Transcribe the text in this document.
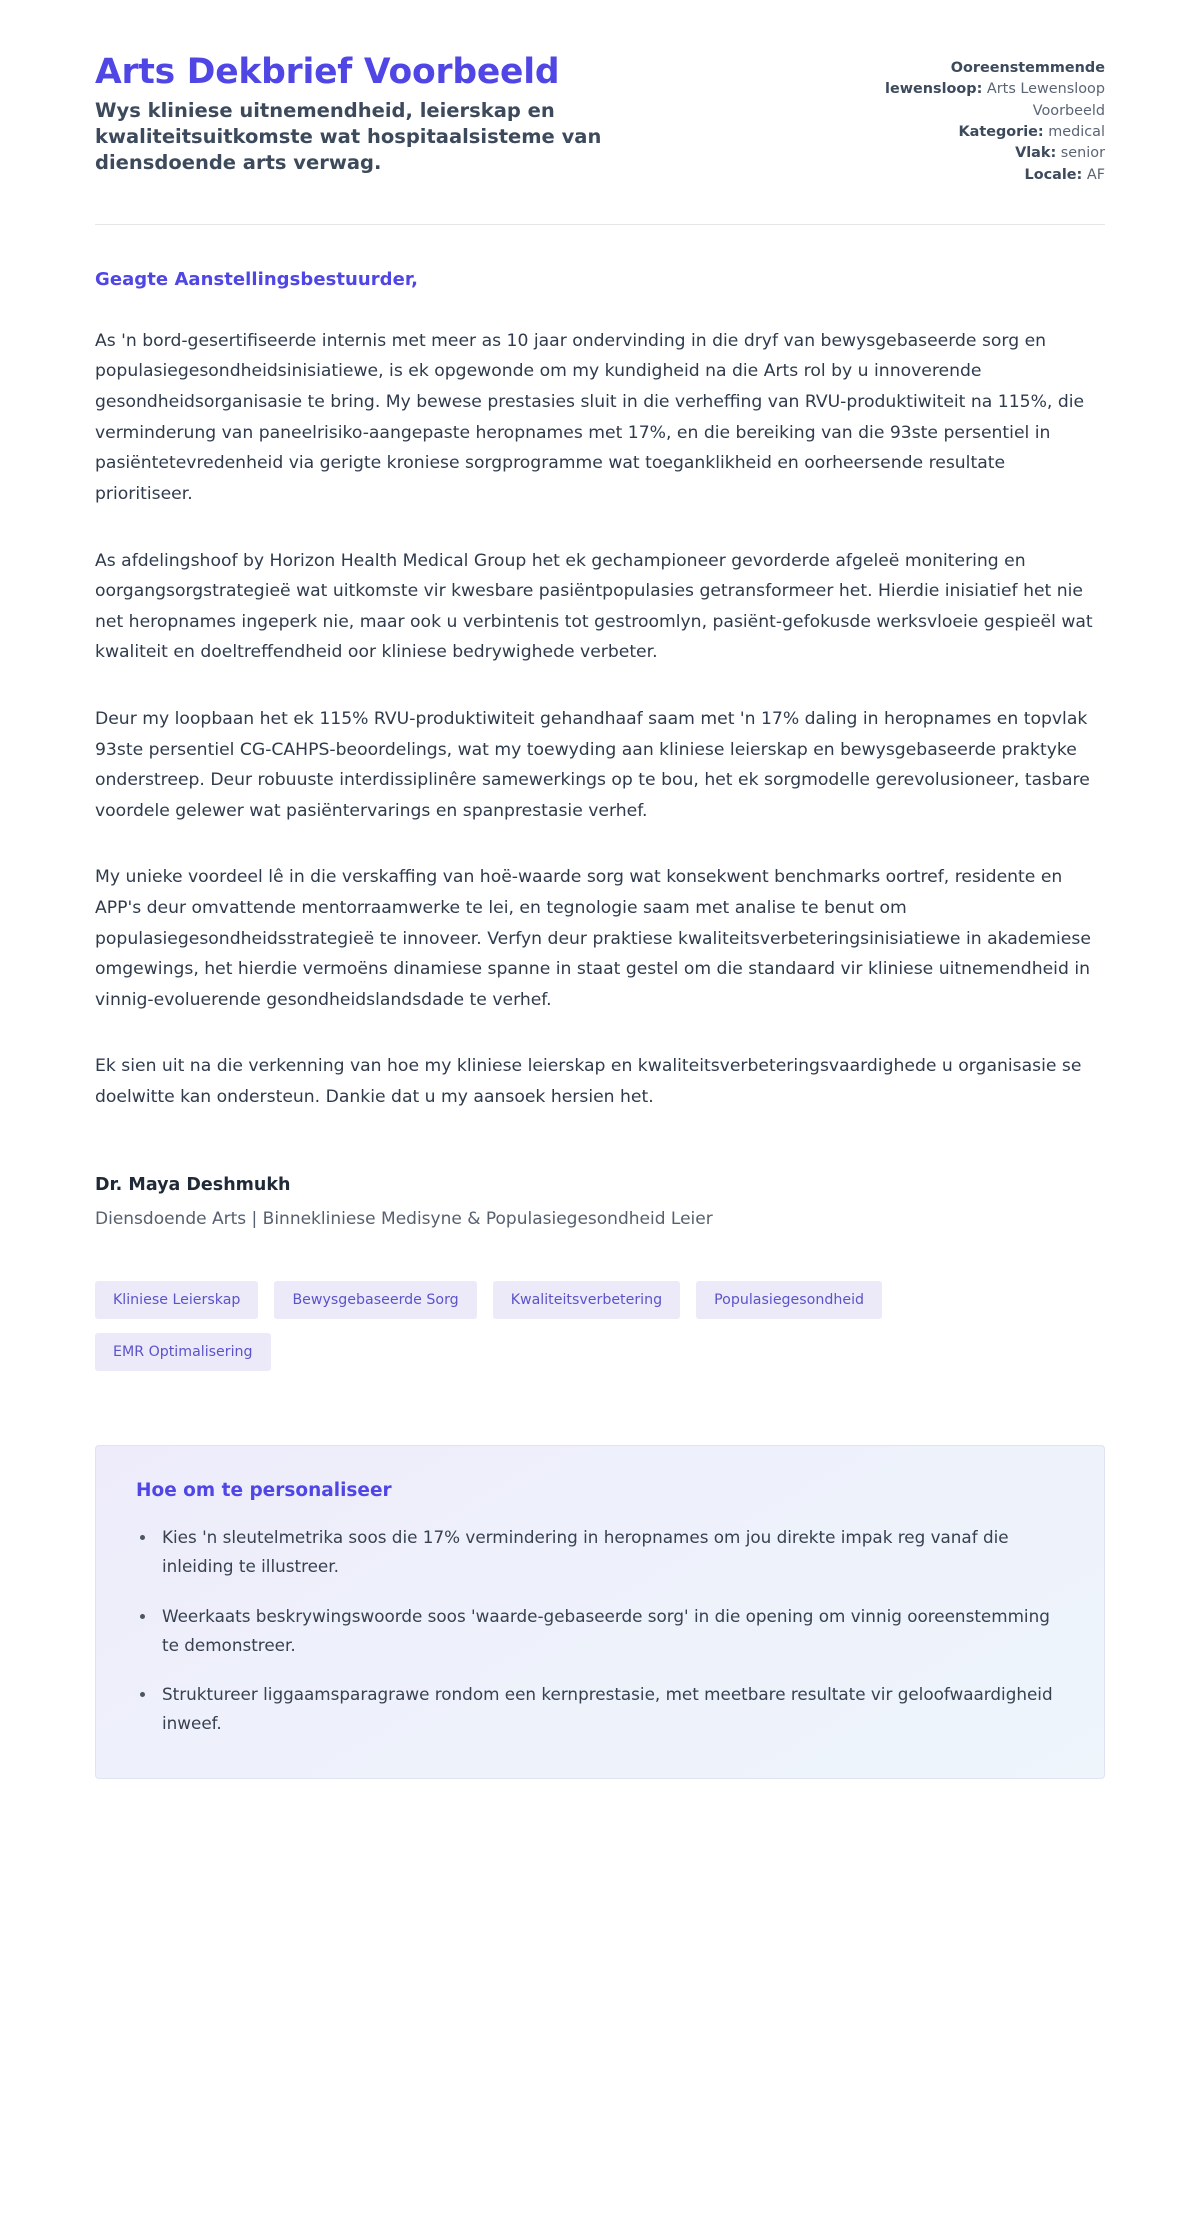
Arts Dekbrief Voorbeeld

Wys kliniese uitnemendheid, leierskap en kwaliteitsuitkomste wat hospitaalsisteme van diensdoende arts verwag.

Ooreenstemmende lewensloop: Arts Lewensloop Voorbeeld
Kategorie: medical
Vlak: senior
Locale: AF

Geagte Aanstellingsbestuurder,

As 'n bord-gesertifiseerde internis met meer as 10 jaar ondervinding in die dryf van bewysgebaseerde sorg en populasiegesondheidsinisiatiewe, is ek opgewonde om my kundigheid na die Arts rol by u innoverende gesondheidsorganisasie te bring. My bewese prestasies sluit in die verheffing van RVU-produktiwiteit na 115%, die verminderung van paneelrisiko-aangepaste heropnames met 17%, en die bereiking van die 93ste persentiel in pasiëntetevredenheid via gerigte kroniese sorgprogramme wat toeganklikheid en oorheersende resultate prioritiseer.

As afdelingshoof by Horizon Health Medical Group het ek gechampioneer gevorderde afgeleë monitering en oorgangsorgstrategieë wat uitkomste vir kwesbare pasiëntpopulasies getransformeer het. Hierdie inisiatief het nie net heropnames ingeperk nie, maar ook u verbintenis tot gestroomlyn, pasiënt-gefokusde werksvloeie gespieël wat kwaliteit en doeltreffendheid oor kliniese bedrywighede verbeter.

Deur my loopbaan het ek 115% RVU-produktiwiteit gehandhaaf saam met 'n 17% daling in heropnames en topvlak 93ste persentiel CG-CAHPS-beoordelings, wat my toewyding aan kliniese leierskap en bewysgebaseerde praktyke onderstreep. Deur robuuste interdissiplinêre samewerkings op te bou, het ek sorgmodelle gerevolusioneer, tasbare voordele gelewer wat pasiëntervarings en spanprestasie verhef.

My unieke voordeel lê in die verskaffing van hoë-waarde sorg wat konsekwent benchmarks oortref, residente en APP's deur omvattende mentorraamwerke te lei, en tegnologie saam met analise te benut om populasiegesondheidsstrategieë te innoveer. Verfyn deur praktiese kwaliteitsverbeteringsinisiatiewe in akademiese omgewings, het hierdie vermoëns dinamiese spanne in staat gestel om die standaard vir kliniese uitnemendheid in vinnig-evoluerende gesondheidslandsdade te verhef.

Ek sien uit na die verkenning van hoe my kliniese leierskap en kwaliteitsverbeteringsvaardighede u organisasie se doelwitte kan ondersteun. Dankie dat u my aansoek hersien het.

Dr. Maya Deshmukh

Diensdoende Arts | Binnekliniese Medisyne & Populasiegesondheid Leier

Kliniese Leierskap	Bewysgebaseerde Sorg	Kwaliteitsverbetering	Populasiegesondheid
EMR Optimalisering
Hoe om te personaliseer
Kies 'n sleutelmetrika soos die 17% vermindering in heropnames om jou direkte impak reg vanaf die inleiding te illustreer.
Weerkaats beskrywingswoorde soos 'waarde-gebaseerde sorg' in die opening om vinnig ooreenstemming te demonstreer.
Struktureer liggaamsparagrawe rondom een kernprestasie, met meetbare resultate vir geloofwaardigheid inweef.
